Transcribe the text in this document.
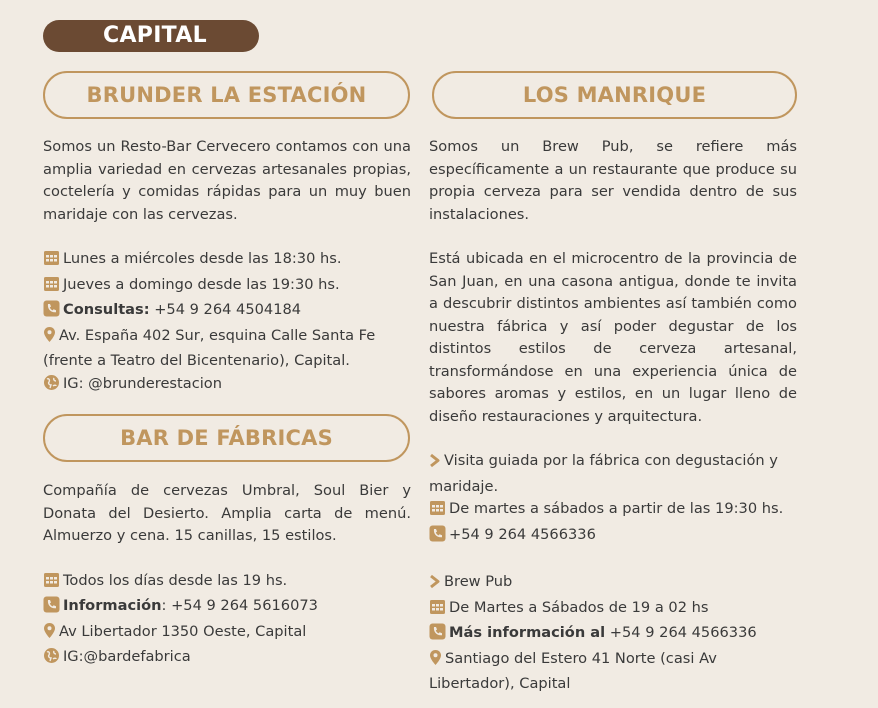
CAPITAL
BRUNDER LA ESTACIÓN

Somos un Resto-Bar Cervecero contamos con una amplia variedad en cervezas artesanales propias, coctelería y comidas rápidas para un muy buen maridaje con las cervezas.

Lunes a miércoles desde las 18:30 hs.
Jueves a domingo desde las 19:30 hs.
Consultas: +54 9 264 4504184
Av. España 402 Sur, esquina Calle Santa Fe (frente a Teatro del Bicentenario), Capital.
IG: @brunderestacion
BAR DE FÁBRICAS

Compañía de cervezas Umbral, Soul Bier y Donata del Desierto. Amplia carta de menú. Almuerzo y cena. 15 canillas, 15 estilos.

Todos los días desde las 19 hs.
Información: +54 9 264 5616073
Av Libertador 1350 Oeste, Capital
IG:@bardefabrica
LOS MANRIQUE

Somos un Brew Pub, se refiere más específicamente a un restaurante que produce su propia cerveza para ser vendida dentro de sus instalaciones.

Está ubicada en el microcentro de la provincia de San Juan, en una casona antigua, donde te invita a descubrir distintos ambientes así también como nuestra fábrica y así poder degustar de los distintos estilos de cerveza artesanal, transformándose en una experiencia única de sabores aromas y estilos, en un lugar lleno de diseño restauraciones y arquitectura.

Visita guiada por la fábrica con degustación y maridaje.
De martes a sábados a partir de las 19:30 hs.
+54 9 264 4566336
Brew Pub
De Martes a Sábados de 19 a 02 hs
Más información al +54 9 264 4566336
Santiago del Estero 41 Norte (casi Av Libertador), Capital
